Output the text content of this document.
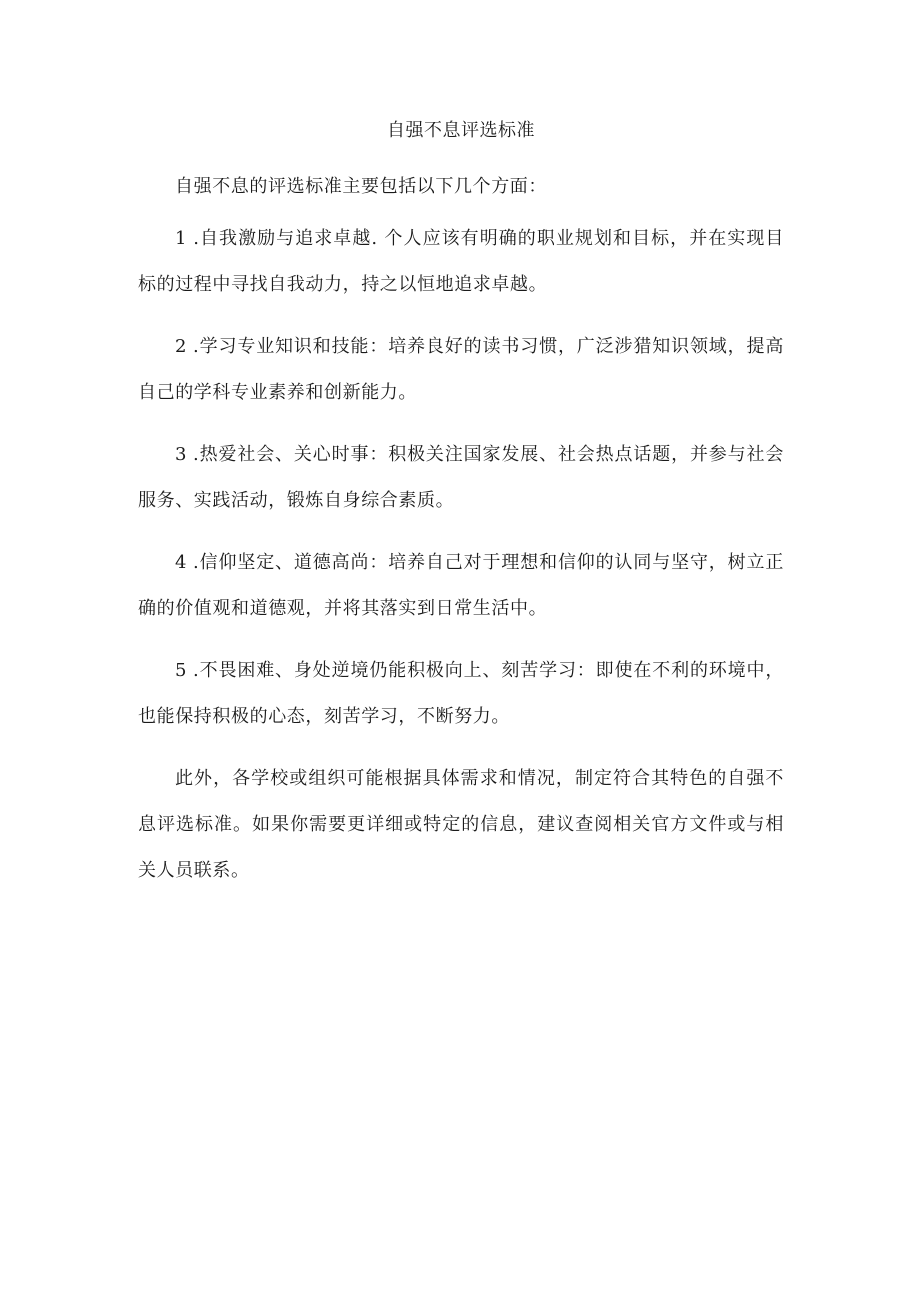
自强不息评选标准

自强不息的评选标准主要包括以下几个方面：

1 .自我激励与追求卓越. 个人应该有明确的职业规划和目标，并在实现目标的过程中寻找自我动力，持之以恒地追求卓越。

2 .学习专业知识和技能：培养良好的读书习惯，广泛涉猎知识领域，提高自己的学科专业素养和创新能力。

3 .热爱社会、关心时事：积极关注国家发展、社会热点话题，并参与社会服务、实践活动，锻炼自身综合素质。

4 .信仰坚定、道德高尚：培养自己对于理想和信仰的认同与坚守，树立正确的价值观和道德观，并将其落实到日常生活中。

5 .不畏困难、身处逆境仍能积极向上、刻苦学习：即使在不利的环境中，也能保持积极的心态，刻苦学习，不断努力。

此外，各学校或组织可能根据具体需求和情况，制定符合其特色的自强不息评选标准。如果你需要更详细或特定的信息，建议查阅相关官方文件或与相关人员联系。
